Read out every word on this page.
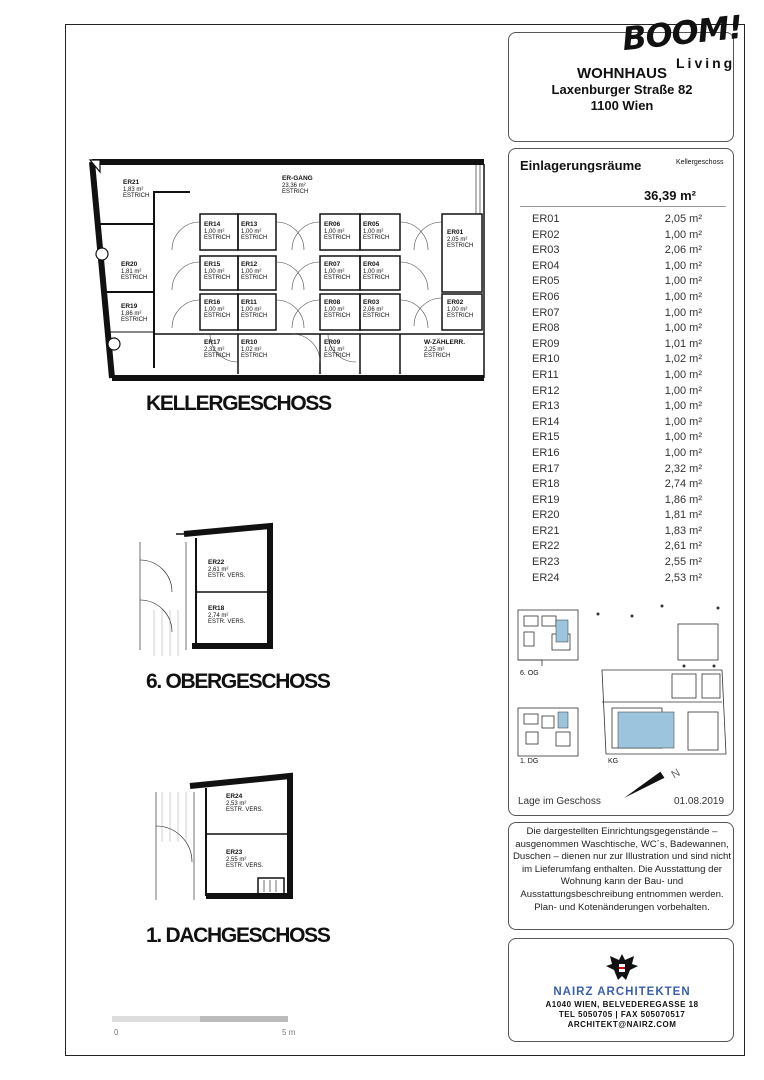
BOOM!
Living
WOHNHAUS
Laxenburger Straße 82
1100 Wien
Einlagerungsräume	Kellergeschoss
36,39 m²
ER01	2,05 m²
ER02	1,00 m²
ER03	2,06 m²
ER04	1,00 m²
ER05	1,00 m²
ER06	1,00 m²
ER07	1,00 m²
ER08	1,00 m²
ER09	1,01 m²
ER10	1,02 m²
ER11	1,00 m²
ER12	1,00 m²
ER13	1,00 m²
ER14	1,00 m²
ER15	1,00 m²
ER16	1,00 m²
ER17	2,32 m²
ER18	2,74 m²
ER19	1,86 m²
ER20	1,81 m²
ER21	1,83 m²
ER22	2,61 m²
ER23	2,55 m²
ER24	2,53 m²
6. OG
1. DG	KG
N
Lage im Geschoss	01.08.2019
Die dargestellten Einrichtungsgegenstände – ausgenommen Waschtische, WC´s, Badewannen, Duschen – dienen nur zur Illustration und sind nicht im Lieferumfang enthalten. Die Ausstattung der Wohnung kann der Bau- und Ausstattungsbeschreibung entnommen werden. Plan- und Kotenänderungen vorbehalten.
NAIRZ ARCHITEKTEN
A1040 WIEN, BELVEDEREGASSE 18
TEL 5050705 | FAX 505070517
ARCHITEKT@NAIRZ.COM
ER21
1,83 m²
ESTRICH
ER-GANG
23,36 m²
ESTRICH
ER20
1,81 m²
ESTRICH
ER19
1,86 m²
ESTRICH
ER14
1,00 m²
ESTRICH
ER13
1,00 m²
ESTRICH
ER06
1,00 m²
ESTRICH
ER05
1,00 m²
ESTRICH
ER01
2,05 m²
ESTRICH
ER15
1,00 m²
ESTRICH
ER12
1,00 m²
ESTRICH
ER07
1,00 m²
ESTRICH
ER04
1,00 m²
ESTRICH
ER16
1,00 m²
ESTRICH
ER11
1,00 m²
ESTRICH
ER08
1,00 m²
ESTRICH
ER03
2,06 m²
ESTRICH
ER02
1,00 m²
ESTRICH
ER17
2,32 m²
ESTRICH
ER10
1,02 m²
ESTRICH
ER09
1,01 m²
ESTRICH
W-ZÄHLERR.
2,25 m²
ESTRICH
KELLERGESCHOSS
ER22
2,61 m²
ESTR. VERS.
ER18
2,74 m²
ESTR. VERS.
6. OBERGESCHOSS
ER24
2,53 m²
ESTR. VERS.
ER23
2,55 m²
ESTR. VERS.
1. DACHGESCHOSS
0	5 m
